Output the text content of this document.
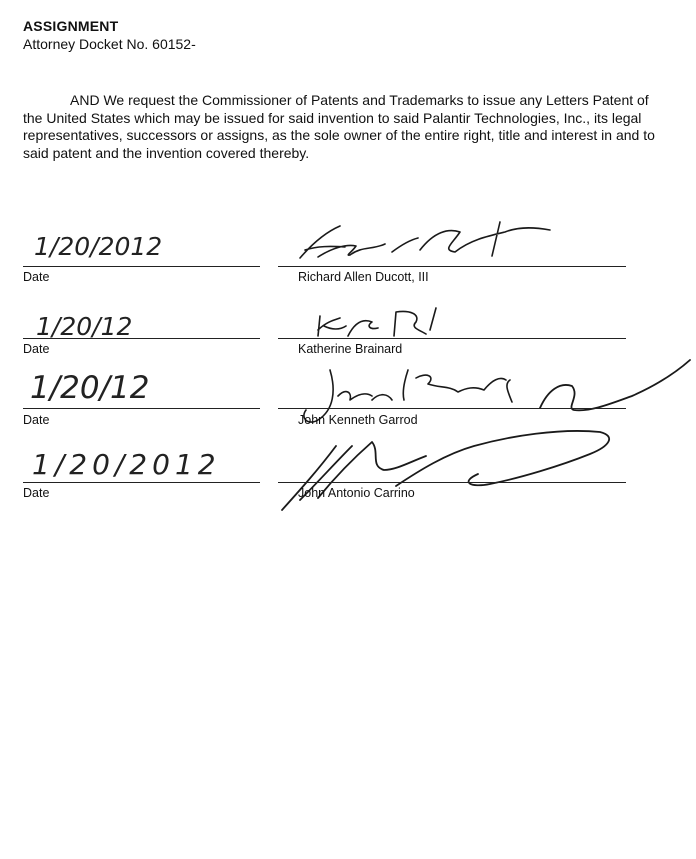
ASSIGNMENT
Attorney Docket No. 60152-

AND We request the Commissioner of Patents and Trademarks to issue any Letters Patent of the United States which may be issued for said invention to said Palantir Technologies, Inc., its legal representatives, successors or assigns, as the sole owner of the entire right, title and interest in and to said patent and the invention covered thereby.

1/20/2012
Date	Richard Allen Ducott, III
1/20/12
Date	Katherine Brainard
1/20/12
Date	John Kenneth Garrod
1/20/2012
Date	John Antonio Carrino
